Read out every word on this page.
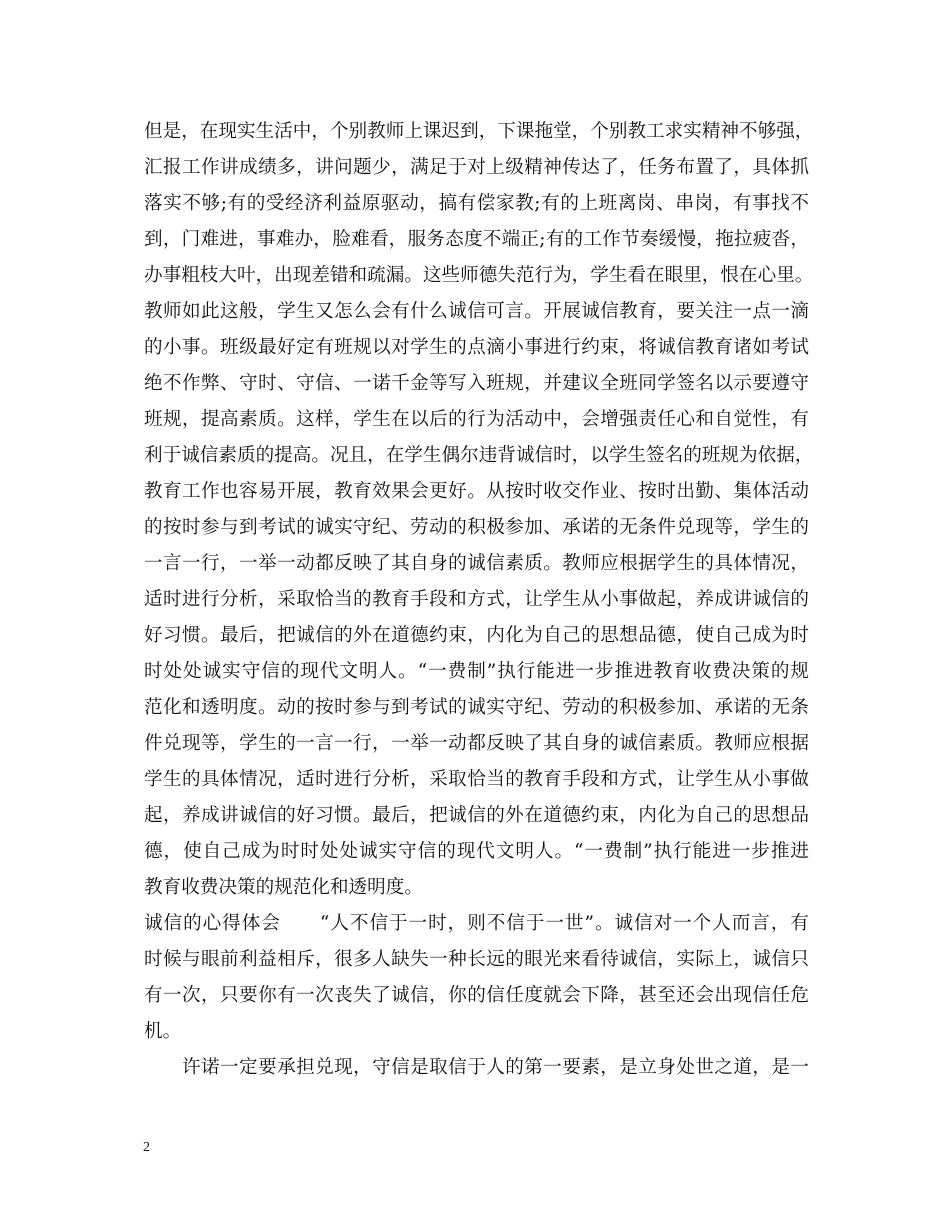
但是，在现实生活中，个别教师上课迟到，下课拖堂，个别教工求实精神不够强，
汇报工作讲成绩多，讲问题少，满足于对上级精神传达了，任务布置了，具体抓
落实不够;有的受经济利益原驱动，搞有偿家教;有的上班离岗、串岗，有事找不
到，门难进，事难办，脸难看，服务态度不端正;有的工作节奏缓慢，拖拉疲沓，
办事粗枝大叶，出现差错和疏漏。这些师德失范行为，学生看在眼里，恨在心里。
教师如此这般，学生又怎么会有什么诚信可言。开展诚信教育，要关注一点一滴
的小事。班级最好定有班规以对学生的点滴小事进行约束，将诚信教育诸如考试
绝不作弊、守时、守信、一诺千金等写入班规，并建议全班同学签名以示要遵守
班规，提高素质。这样，学生在以后的行为活动中，会增强责任心和自觉性，有
利于诚信素质的提高。况且，在学生偶尔违背诚信时，以学生签名的班规为依据，
教育工作也容易开展，教育效果会更好。从按时收交作业、按时出勤、集体活动
的按时参与到考试的诚实守纪、劳动的积极参加、承诺的无条件兑现等，学生的
一言一行，一举一动都反映了其自身的诚信素质。教师应根据学生的具体情况，
适时进行分析，采取恰当的教育手段和方式，让学生从小事做起，养成讲诚信的
好习惯。最后，把诚信的外在道德约束，内化为自己的思想品德，使自己成为时
时处处诚实守信的现代文明人。“一费制”执行能进一步推进教育收费决策的规
范化和透明度。动的按时参与到考试的诚实守纪、劳动的积极参加、承诺的无条
件兑现等，学生的一言一行，一举一动都反映了其自身的诚信素质。教师应根据
学生的具体情况，适时进行分析，采取恰当的教育手段和方式，让学生从小事做
起，养成讲诚信的好习惯。最后，把诚信的外在道德约束，内化为自己的思想品
德，使自己成为时时处处诚实守信的现代文明人。“一费制”执行能进一步推进
教育收费决策的规范化和透明度。
诚信的心得体会　　“人不信于一时，则不信于一世”。诚信对一个人而言，有
时候与眼前利益相斥，很多人缺失一种长远的眼光来看待诚信，实际上，诚信只
有一次，只要你有一次丧失了诚信，你的信任度就会下降，甚至还会出现信任危
机。
　　许诺一定要承担兑现，守信是取信于人的第一要素，是立身处世之道，是一
2
